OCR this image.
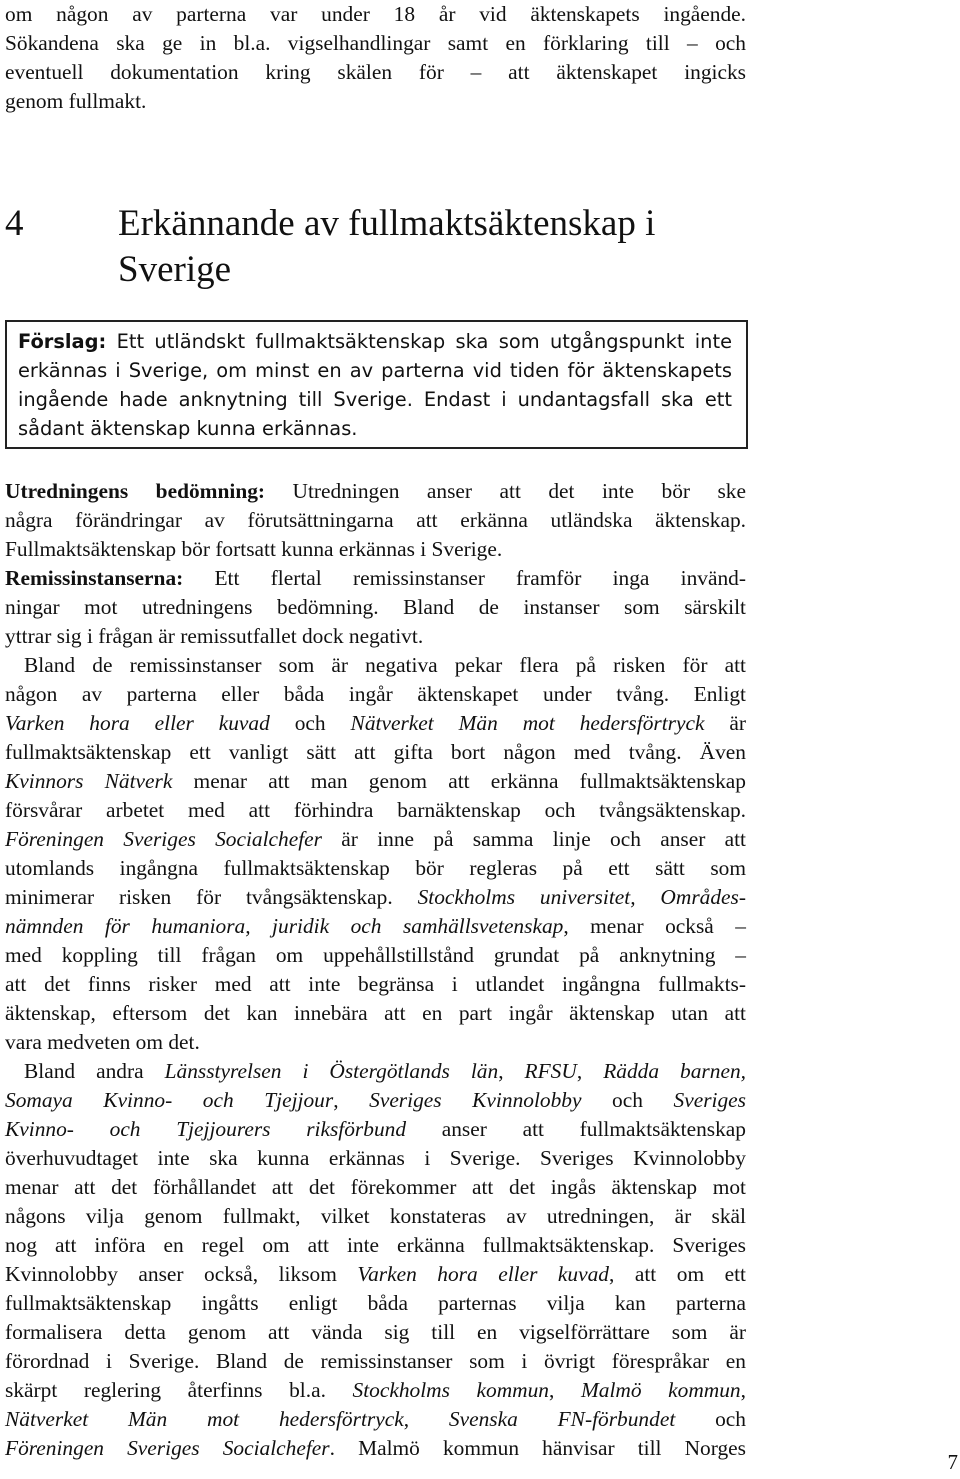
om någon av parterna var under 18 år vid äktenskapets ingående.
Sökandena ska ge in bl.a. vigselhandlingar samt en förklaring till – och
eventuell dokumentation kring skälen för – att äktenskapet ingicks
genom fullmakt.
4	Erkännande av fullmaktsäktenskap i
Sverige
Förslag: Ett utländskt fullmaktsäktenskap ska som utgångspunkt inte
erkännas i Sverige, om minst en av parterna vid tiden för äktenskapets
ingående hade anknytning till Sverige. Endast i undantagsfall ska ett
sådant äktenskap kunna erkännas.
Utredningens bedömning: Utredningen anser att det inte bör ske
några förändringar av förutsättningarna att erkänna utländska äktenskap.
Fullmaktsäktenskap bör fortsatt kunna erkännas i Sverige.
Remissinstanserna: Ett flertal remissinstanser framför inga invänd-
ningar mot utredningens bedömning. Bland de instanser som särskilt
yttrar sig i frågan är remissutfallet dock negativt.
Bland de remissinstanser som är negativa pekar flera på risken för att
någon av parterna eller båda ingår äktenskapet under tvång. Enligt
Varken hora eller kuvad och Nätverket Män mot hedersförtryck är
fullmaktsäktenskap ett vanligt sätt att gifta bort någon med tvång. Även
Kvinnors Nätverk menar att man genom att erkänna fullmaktsäktenskap
försvårar arbetet med att förhindra barnäktenskap och tvångsäktenskap.
Föreningen Sveriges Socialchefer är inne på samma linje och anser att
utomlands ingångna fullmaktsäktenskap bör regleras på ett sätt som
minimerar risken för tvångsäktenskap. Stockholms universitet, Områdes-
nämnden för humaniora, juridik och samhällsvetenskap, menar också –
med koppling till frågan om uppehållstillstånd grundat på anknytning –
att det finns risker med att inte begränsa i utlandet ingångna fullmakts-
äktenskap, eftersom det kan innebära att en part ingår äktenskap utan att
vara medveten om det.
Bland andra Länsstyrelsen i Östergötlands län, RFSU, Rädda barnen,
Somaya Kvinno- och Tjejjour, Sveriges Kvinnolobby och Sveriges
Kvinno- och Tjejjourers riksförbund anser att fullmaktsäktenskap
överhuvudtaget inte ska kunna erkännas i Sverige. Sveriges Kvinnolobby
menar att det förhållandet att det förekommer att det ingås äktenskap mot
någons vilja genom fullmakt, vilket konstateras av utredningen, är skäl
nog att införa en regel om att inte erkänna fullmaktsäktenskap. Sveriges
Kvinnolobby anser också, liksom Varken hora eller kuvad, att om ett
fullmaktsäktenskap ingåtts enligt båda parternas vilja kan parterna
formalisera detta genom att vända sig till en vigselförrättare som är
förordnad i Sverige. Bland de remissinstanser som i övrigt förespråkar en
skärpt reglering återfinns bl.a. Stockholms kommun, Malmö kommun,
Nätverket Män mot hedersförtryck, Svenska FN-förbundet och
Föreningen Sveriges Socialchefer. Malmö kommun hänvisar till Norges
7
